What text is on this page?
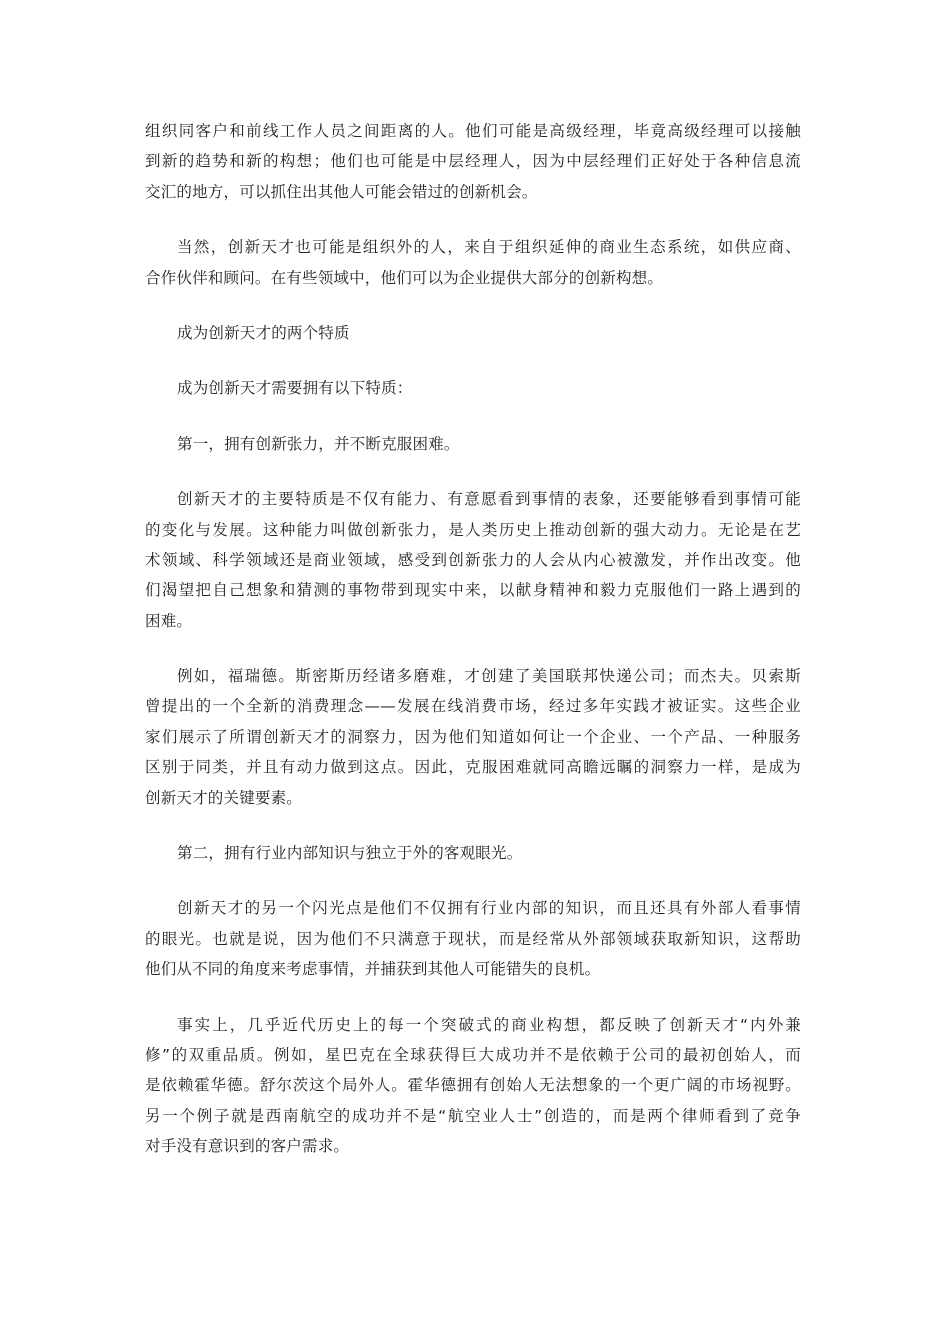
组织同客户和前线工作人员之间距离的人。他们可能是高级经理，毕竟高级经理可以接触
到新的趋势和新的构想；他们也可能是中层经理人，因为中层经理们正好处于各种信息流
交汇的地方，可以抓住出其他人可能会错过的创新机会。
当然，创新天才也可能是组织外的人，来自于组织延伸的商业生态系统，如供应商、
合作伙伴和顾问。在有些领域中，他们可以为企业提供大部分的创新构想。
成为创新天才的两个特质
成为创新天才需要拥有以下特质：
第一，拥有创新张力，并不断克服困难。
创新天才的主要特质是不仅有能力、有意愿看到事情的表象，还要能够看到事情可能
的变化与发展。这种能力叫做创新张力，是人类历史上推动创新的强大动力。无论是在艺
术领域、科学领域还是商业领域，感受到创新张力的人会从内心被激发，并作出改变。他
们渴望把自己想象和猜测的事物带到现实中来，以献身精神和毅力克服他们一路上遇到的
困难。
例如，福瑞德。斯密斯历经诸多磨难，才创建了美国联邦快递公司；而杰夫。贝索斯
曾提出的一个全新的消费理念——发展在线消费市场，经过多年实践才被证实。这些企业
家们展示了所谓创新天才的洞察力，因为他们知道如何让一个企业、一个产品、一种服务
区别于同类，并且有动力做到这点。因此，克服困难就同高瞻远瞩的洞察力一样，是成为
创新天才的关键要素。
第二，拥有行业内部知识与独立于外的客观眼光。
创新天才的另一个闪光点是他们不仅拥有行业内部的知识，而且还具有外部人看事情
的眼光。也就是说，因为他们不只满意于现状，而是经常从外部领域获取新知识，这帮助
他们从不同的角度来考虑事情，并捕获到其他人可能错失的良机。
事实上，几乎近代历史上的每一个突破式的商业构想，都反映了创新天才“内外兼
修”的双重品质。例如，星巴克在全球获得巨大成功并不是依赖于公司的最初创始人，而
是依赖霍华德。舒尔茨这个局外人。霍华德拥有创始人无法想象的一个更广阔的市场视野。
另一个例子就是西南航空的成功并不是“航空业人士”创造的，而是两个律师看到了竞争
对手没有意识到的客户需求。
